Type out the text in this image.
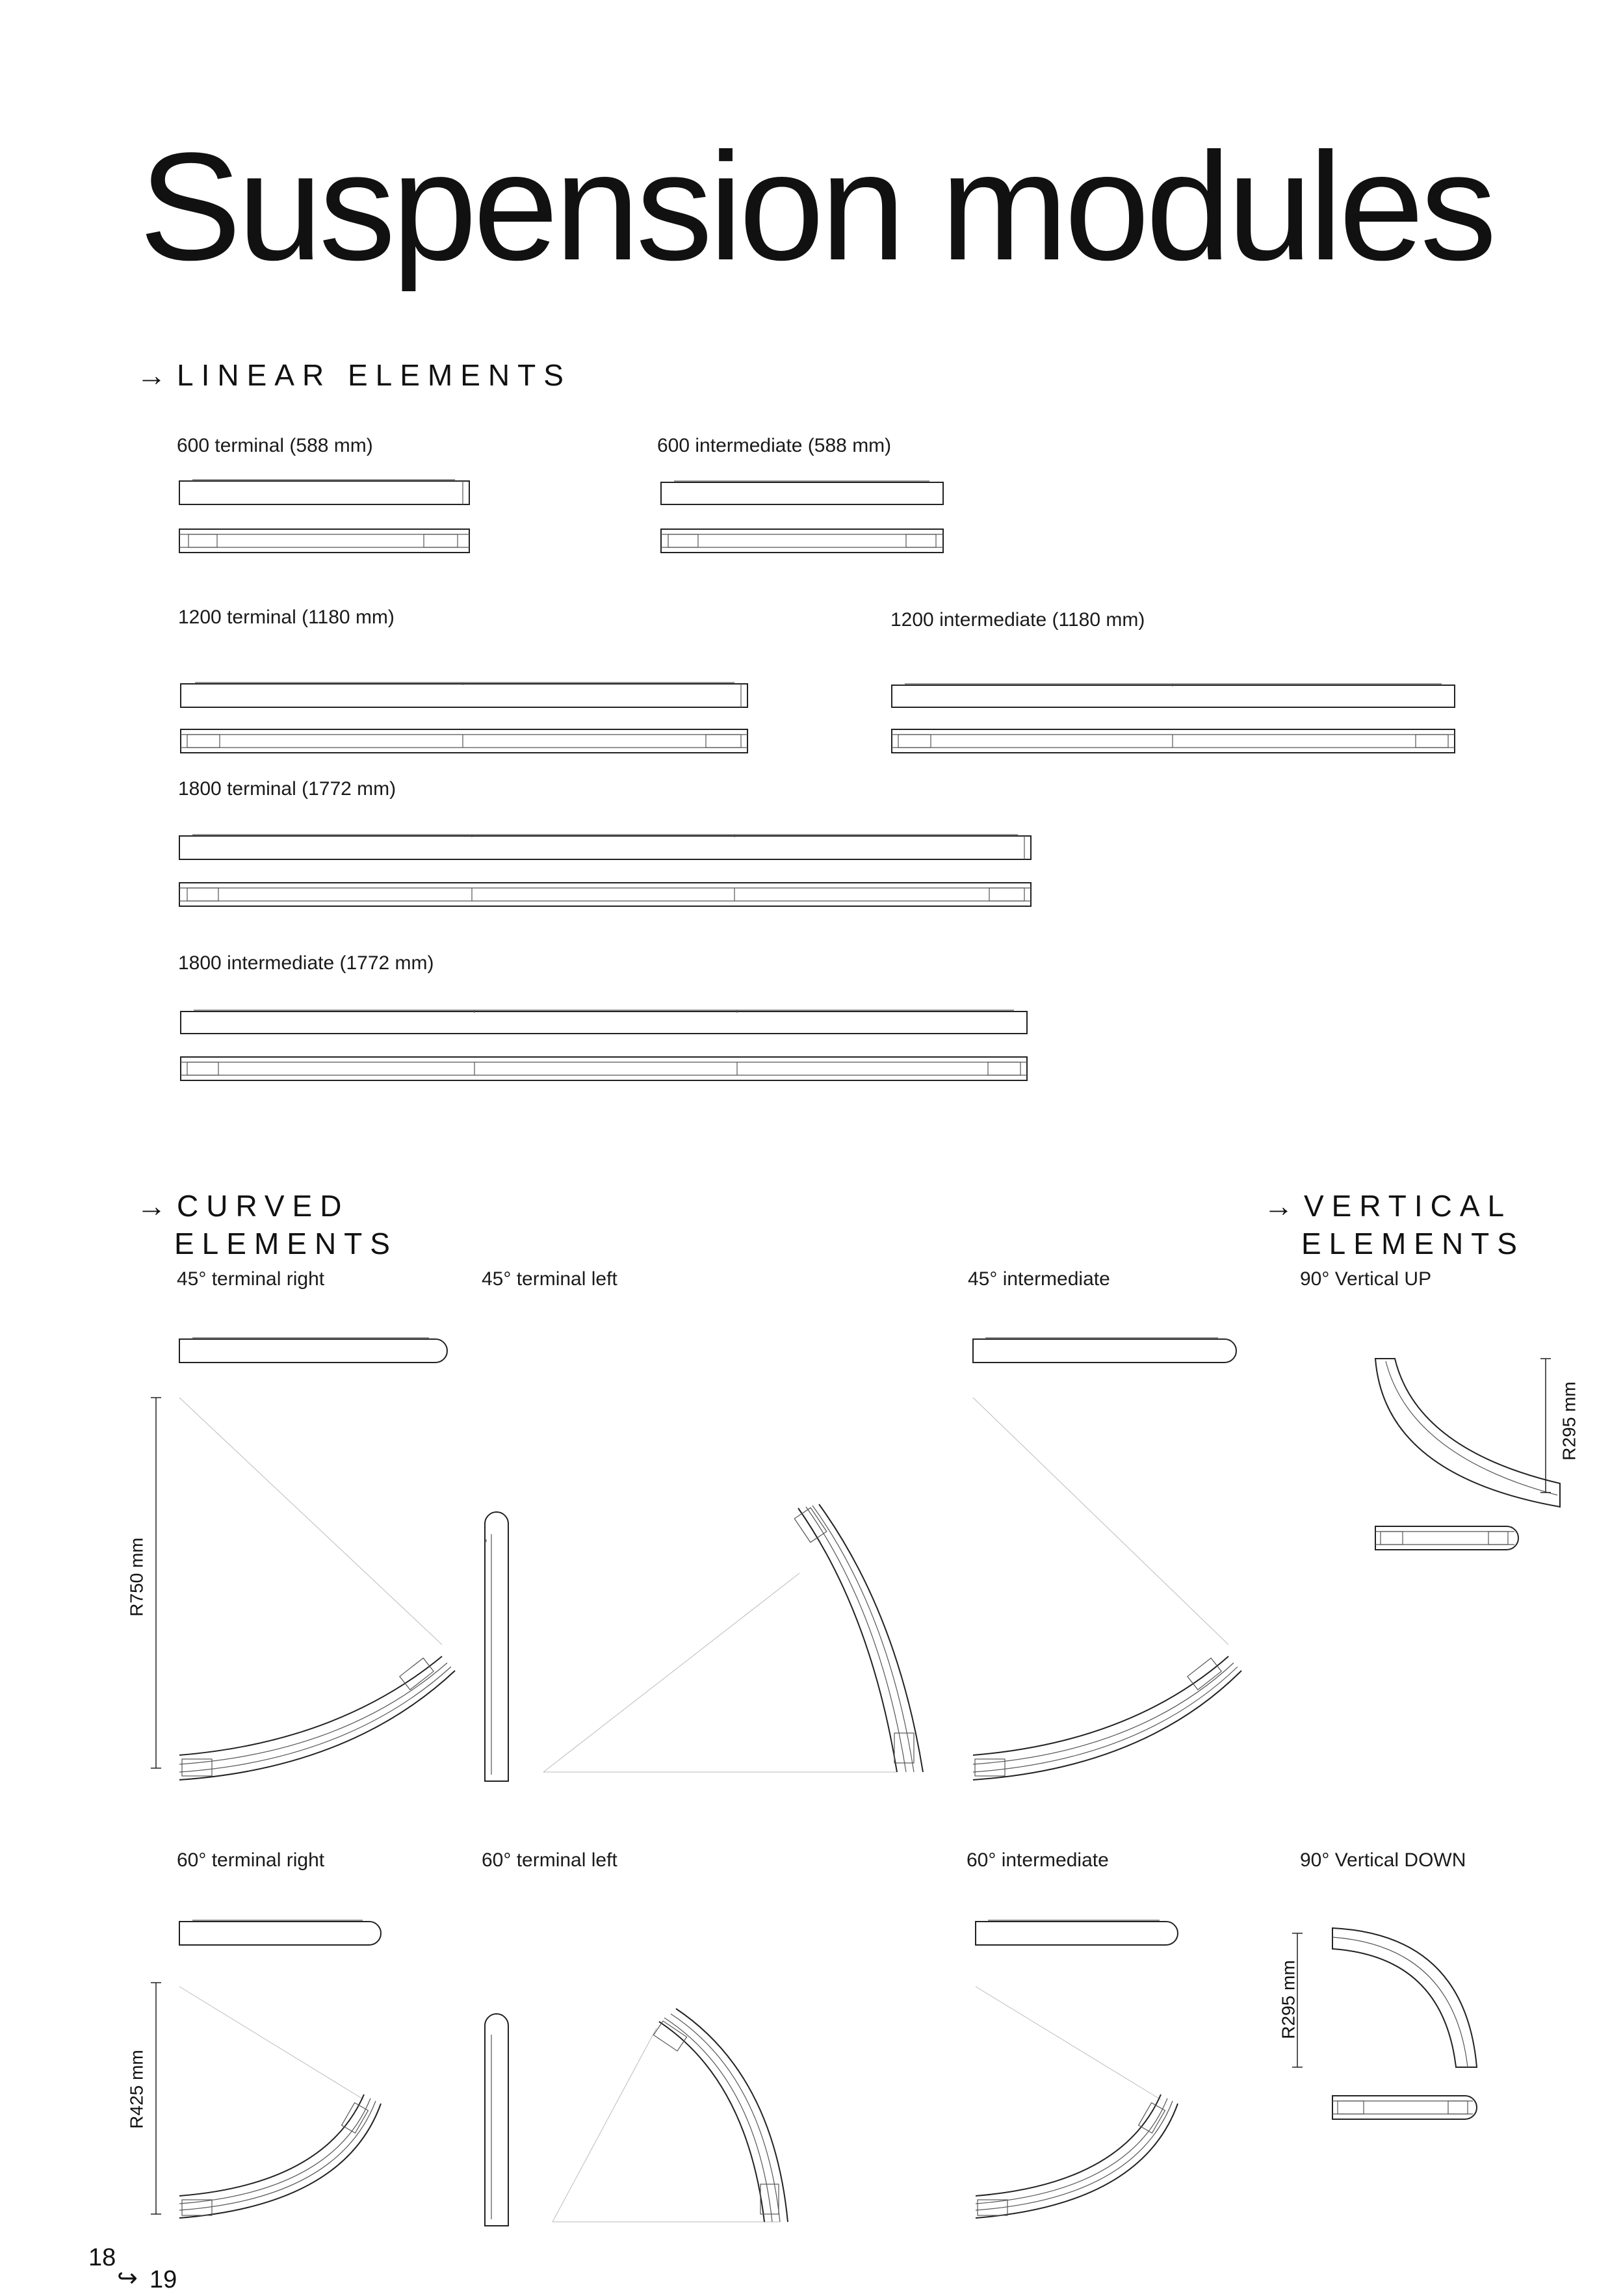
Suspension modules
→ LINEAR ELEMENTS
600 terminal (588 mm)	600 intermediate (588 mm)
1200 terminal (1180 mm)	1200 intermediate (1180 mm)
1800 terminal (1772 mm)
1800 intermediate (1772 mm)
→ CURVED
ELEMENTS
→ VERTICAL
ELEMENTS
45° terminal right	45° terminal left	45° intermediate	90° Vertical UP
60° terminal right	60° terminal left	60° intermediate	90° Vertical DOWN
R750 mm
R425 mm
R295 mm
R295 mm
18
↪ 19
